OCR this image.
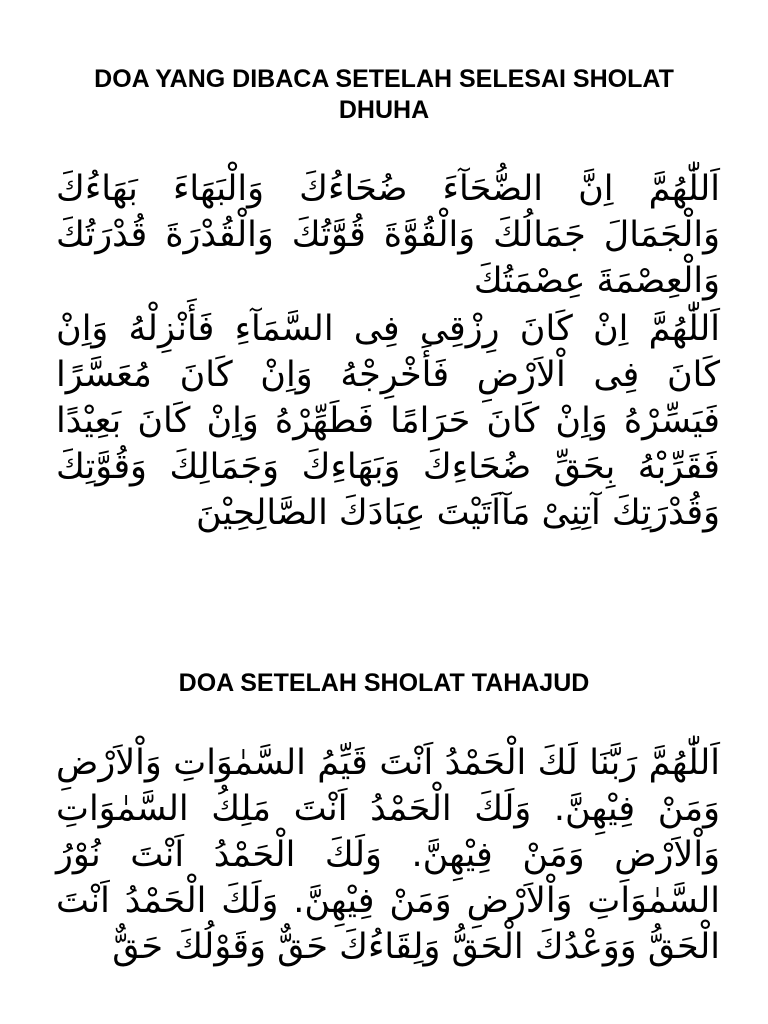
DOA YANG DIBACA SETELAH SELESAI SHOLAT DHUHA

اَللّٰهُمَّ اِنَّ الضُّحَآءَ ضُحَاءُكَ وَالْبَهَاءَ بَهَاءُكَ وَالْجَمَالَ جَمَالُكَ وَالْقُوَّةَ قُوَّتُكَ وَالْقُدْرَةَ قُدْرَتُكَ وَالْعِصْمَةَ عِصْمَتُكَ

اَللّٰهُمَّ اِنْ كَانَ رِزْقِى فِى السَّمَآءِ فَأَنْزِلْهُ وَاِنْ كَانَ فِى اْلاَرْضِ فَأَخْرِجْهُ وَاِنْ كَانَ مُعَسَّرًا فَيَسِّرْهُ وَاِنْ كَانَ حَرَامًا فَطَهِّرْهُ وَاِنْ كَانَ بَعِيْدًا فَقَرِّبْهُ بِحَقِّ ضُحَاءِكَ وَبَهَاءِكَ وَجَمَالِكَ وَقُوَّتِكَ وَقُدْرَتِكَ آتِنِىْ مَآاَتَيْتَ عِبَادَكَ الصَّالِحِيْنَ

DOA SETELAH SHOLAT TAHAJUD

اَللّٰهُمَّ رَبَّنَا لَكَ الْحَمْدُ اَنْتَ قَيِّمُ السَّمٰوَاتِ وَاْلاَرْضِ وَمَنْ فِيْهِنَّ. وَلَكَ الْحَمْدُ اَنْتَ مَلِكُ السَّمٰوَاتِ وَاْلاَرْضِ وَمَنْ فِيْهِنَّ. وَلَكَ الْحَمْدُ اَنْتَ نُوْرُ السَّمٰوَاتِ وَاْلاَرْضِ وَمَنْ فِيْهِنَّ. وَلَكَ الْحَمْدُ اَنْتَ الْحَقُّ وَوَعْدُكَ الْحَقُّ وَلِقَاءُكَ حَقٌّ وَقَوْلُكَ حَقٌّ
